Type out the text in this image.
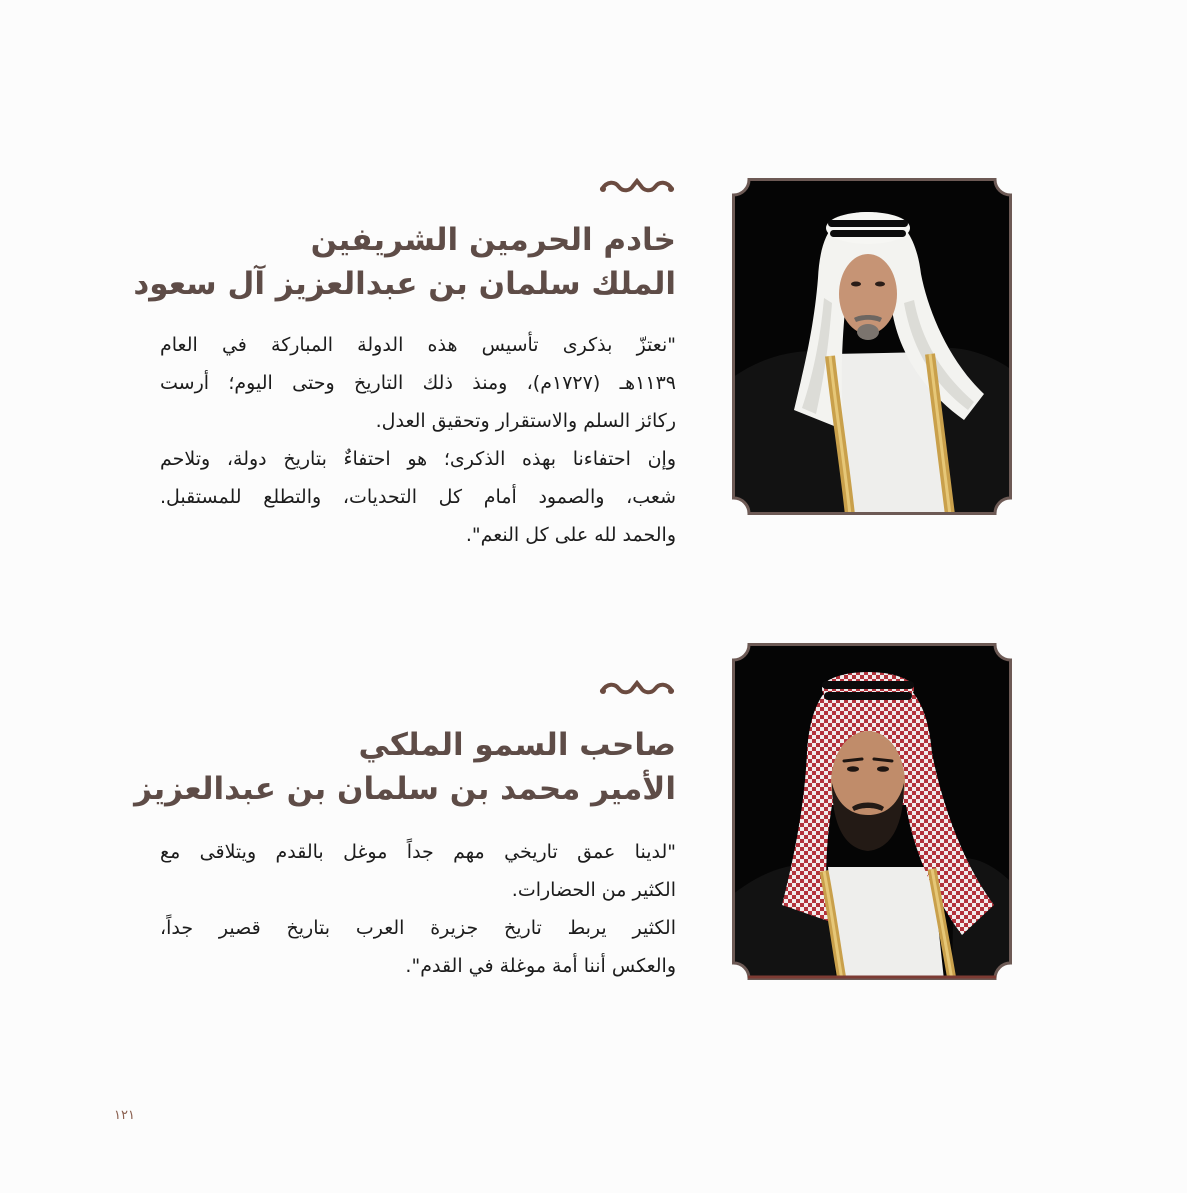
خادم الحرمين الشريفين
الملك سلمان بن عبدالعزيز آل سعود
"نعتزّ بذكرى تأسيس هذه الدولة المباركة في العام
١١٣٩هـ (١٧٢٧م)، ومنذ ذلك التاريخ وحتى اليوم؛ أرست
ركائز السلم والاستقرار وتحقيق العدل.
وإن احتفاءنا بهذه الذكرى؛ هو احتفاءٌ بتاريخ دولة، وتلاحم
شعب، والصمود أمام كل التحديات، والتطلع للمستقبل.
والحمد لله على كل النعم".
صاحب السمو الملكي
الأمير محمد بن سلمان بن عبدالعزيز
"لدينا عمق تاريخي مهم جداً موغل بالقدم ويتلاقى مع
الكثير من الحضارات.
الكثير يربط تاريخ جزيرة العرب بتاريخ قصير جداً،
والعكس أننا أمة موغلة في القدم".
١٢١
